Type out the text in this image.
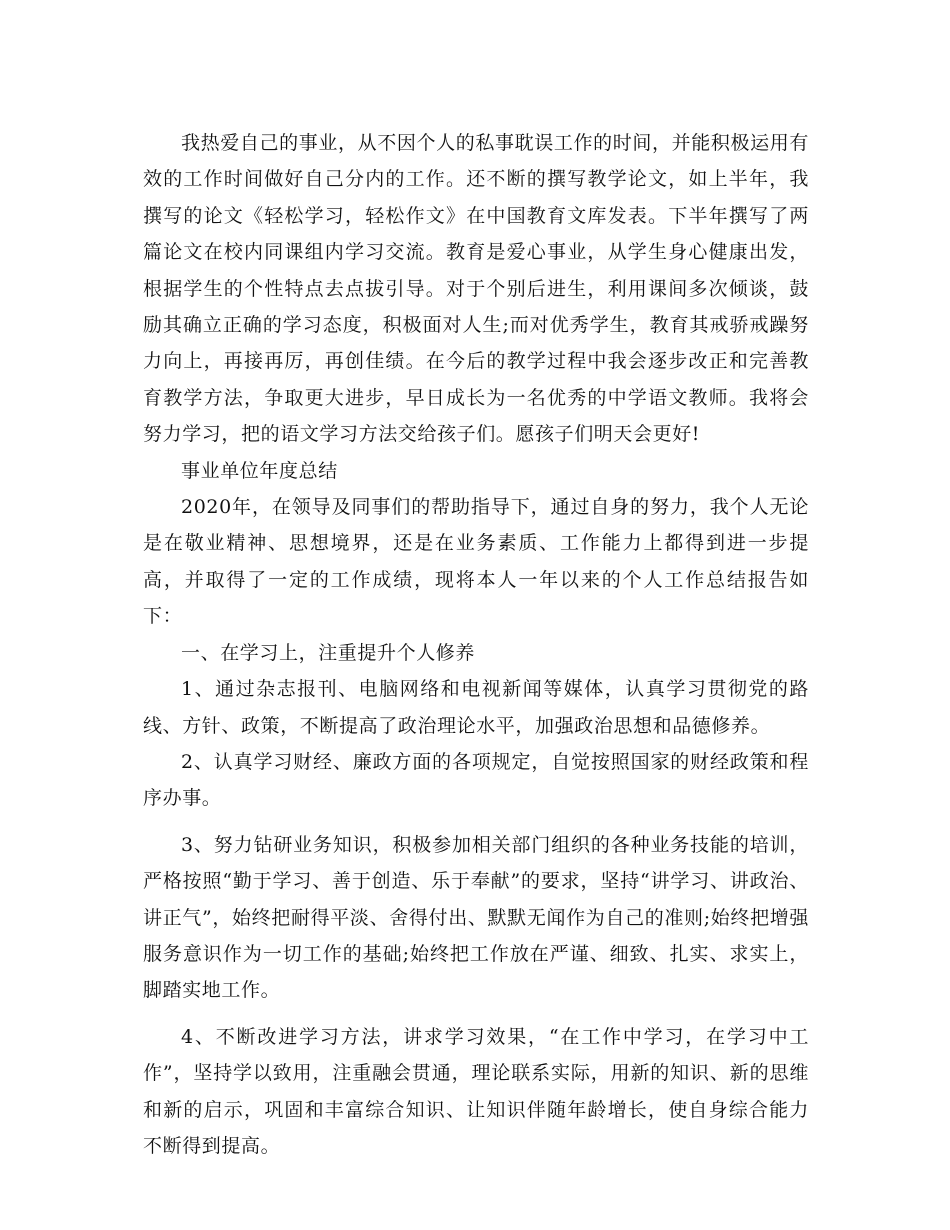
我热爱自己的事业，从不因个人的私事耽误工作的时间，并能积极运用有效的工作时间做好自己分内的工作。还不断的撰写教学论文，如上半年，我撰写的论文《轻松学习，轻松作文》在中国教育文库发表。下半年撰写了两篇论文在校内同课组内学习交流。教育是爱心事业，从学生身心健康出发，根据学生的个性特点去点拔引导。对于个别后进生，利用课间多次倾谈，鼓励其确立正确的学习态度，积极面对人生;而对优秀学生，教育其戒骄戒躁努力向上，再接再厉，再创佳绩。在今后的教学过程中我会逐步改正和完善教育教学方法，争取更大进步，早日成长为一名优秀的中学语文教师。我将会努力学习，把的语文学习方法交给孩子们。愿孩子们明天会更好!

事业单位年度总结

2020年，在领导及同事们的帮助指导下，通过自身的努力，我个人无论是在敬业精神、思想境界，还是在业务素质、工作能力上都得到进一步提高，并取得了一定的工作成绩，现将本人一年以来的个人工作总结报告如下：

一、在学习上，注重提升个人修养

1、通过杂志报刊、电脑网络和电视新闻等媒体，认真学习贯彻党的路线、方针、政策，不断提高了政治理论水平，加强政治思想和品德修养。

2、认真学习财经、廉政方面的各项规定，自觉按照国家的财经政策和程序办事。

3、努力钻研业务知识，积极参加相关部门组织的各种业务技能的培训，严格按照“勤于学习、善于创造、乐于奉献”的要求，坚持“讲学习、讲政治、讲正气”，始终把耐得平淡、舍得付出、默默无闻作为自己的准则;始终把增强服务意识作为一切工作的基础;始终把工作放在严谨、细致、扎实、求实上，脚踏实地工作。

4、不断改进学习方法，讲求学习效果，“在工作中学习，在学习中工作”，坚持学以致用，注重融会贯通，理论联系实际，用新的知识、新的思维和新的启示，巩固和丰富综合知识、让知识伴随年龄增长，使自身综合能力不断得到提高。
